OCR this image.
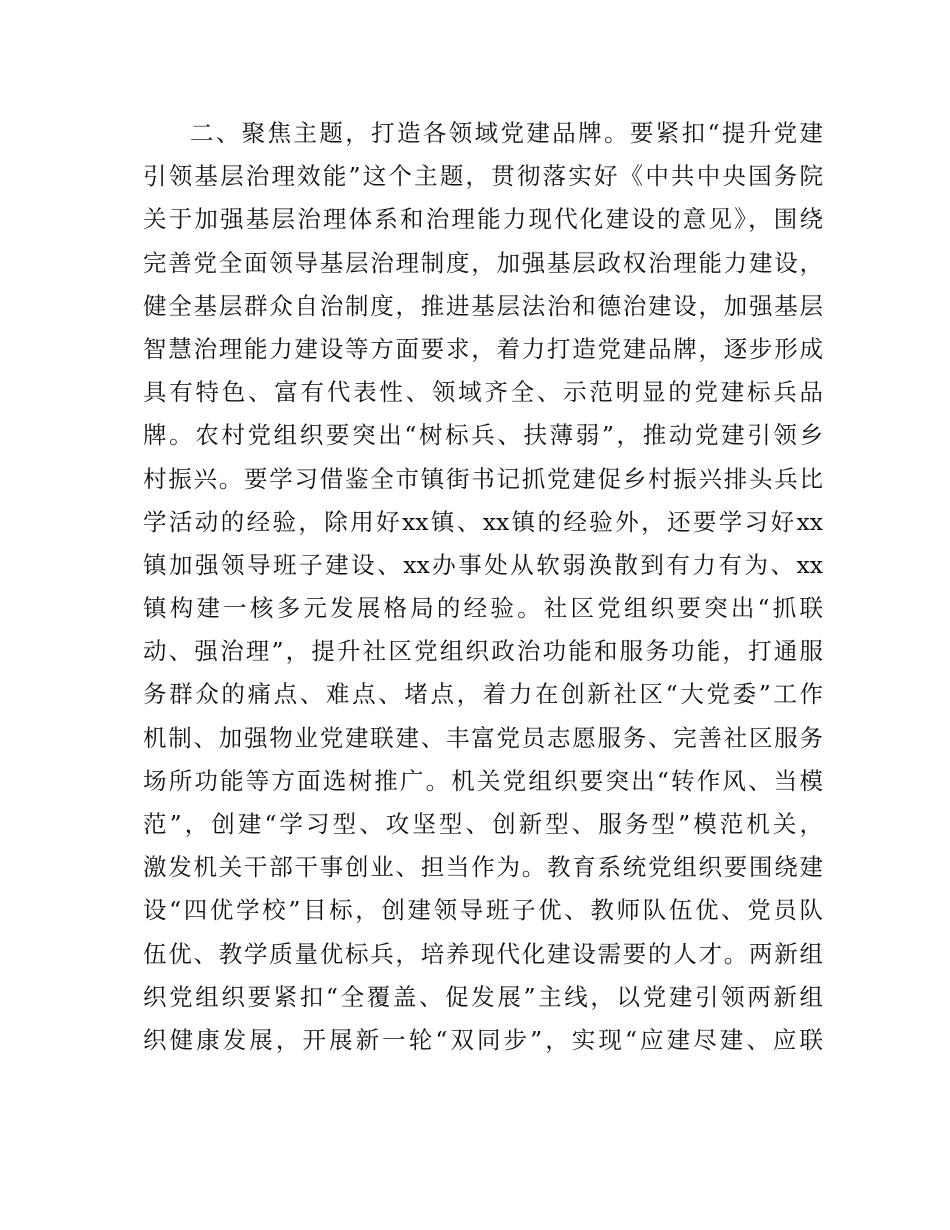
二、聚焦主题，打造各领域党建品牌。要紧扣“提升党建
引领基层治理效能”这个主题，贯彻落实好《中共中央国务院
关于加强基层治理体系和治理能力现代化建设的意见》，围绕
完善党全面领导基层治理制度，加强基层政权治理能力建设，
健全基层群众自治制度，推进基层法治和德治建设，加强基层
智慧治理能力建设等方面要求，着力打造党建品牌，逐步形成
具有特色、富有代表性、领域齐全、示范明显的党建标兵品
牌。农村党组织要突出“树标兵、扶薄弱”，推动党建引领乡
村振兴。要学习借鉴全市镇街书记抓党建促乡村振兴排头兵比
学活动的经验，除用好xx镇、xx镇的经验外，还要学习好xx
镇加强领导班子建设、xx办事处从软弱涣散到有力有为、xx
镇构建一核多元发展格局的经验。社区党组织要突出“抓联
动、强治理”，提升社区党组织政治功能和服务功能，打通服
务群众的痛点、难点、堵点，着力在创新社区“大党委”工作
机制、加强物业党建联建、丰富党员志愿服务、完善社区服务
场所功能等方面选树推广。机关党组织要突出“转作风、当模
范”，创建“学习型、攻坚型、创新型、服务型”模范机关，
激发机关干部干事创业、担当作为。教育系统党组织要围绕建
设“四优学校”目标，创建领导班子优、教师队伍优、党员队
伍优、教学质量优标兵，培养现代化建设需要的人才。两新组
织党组织要紧扣“全覆盖、促发展”主线，以党建引领两新组
织健康发展，开展新一轮“双同步”，实现“应建尽建、应联
